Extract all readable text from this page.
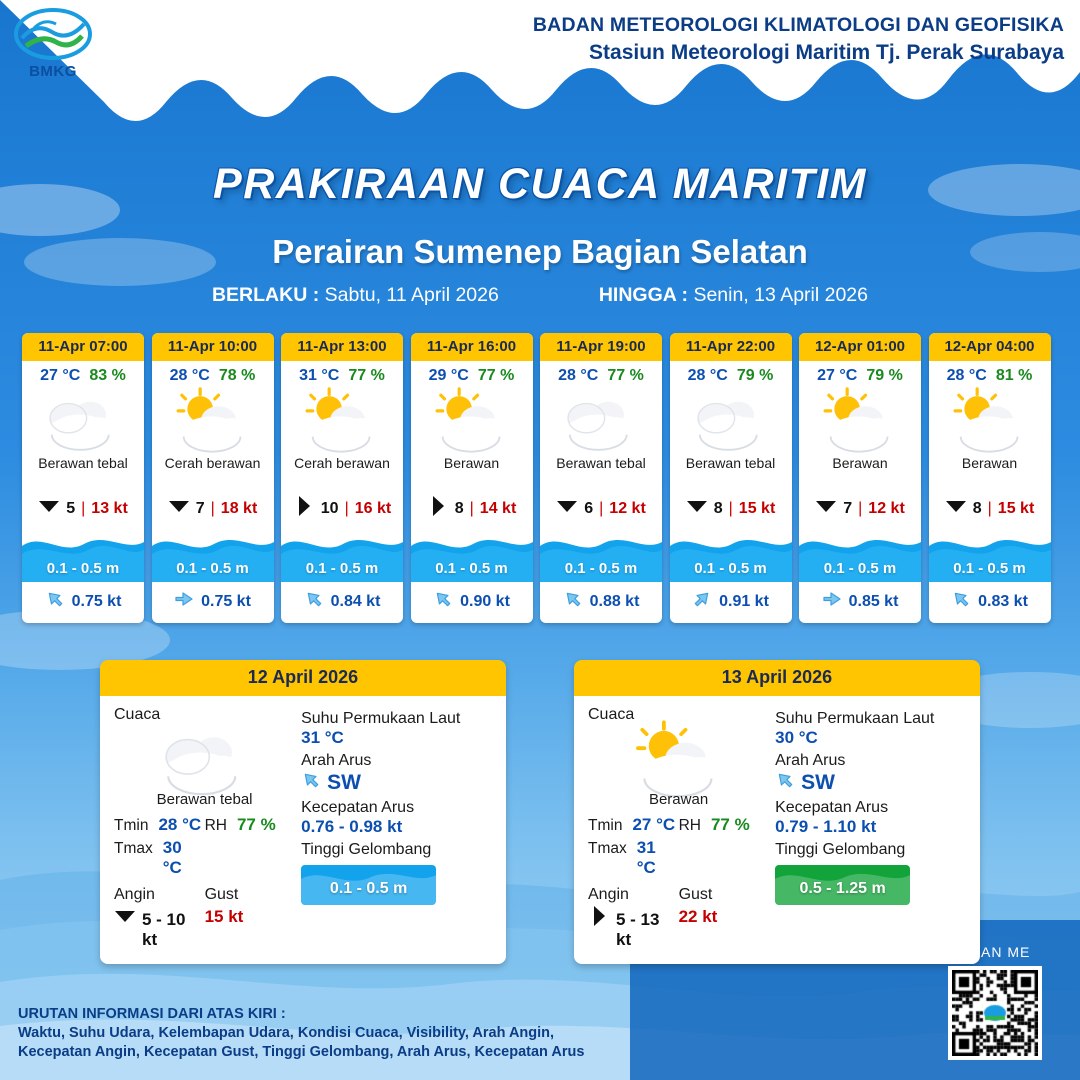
BMKG
BADAN METEOROLOGI KLIMATOLOGI DAN GEOFISIKA
Stasiun Meteorologi Maritim Tj. Perak Surabaya
PRAKIRAAN CUACA MARITIM
Perairan Sumenep Bagian Selatan
BERLAKU : Sabtu, 11 April 2026	HINGGA : Senin, 13 April 2026
11-Apr 07:00
27 °C 83 %
Berawan tebal
5 | 13 kt
0.1 - 0.5 m
0.75 kt
11-Apr 10:00
28 °C 78 %
Cerah berawan
7 | 18 kt
0.1 - 0.5 m
0.75 kt
11-Apr 13:00
31 °C 77 %
Cerah berawan
10 | 16 kt
0.1 - 0.5 m
0.84 kt
11-Apr 16:00
29 °C 77 %
Berawan
8 | 14 kt
0.1 - 0.5 m
0.90 kt
11-Apr 19:00
28 °C 77 %
Berawan tebal
6 | 12 kt
0.1 - 0.5 m
0.88 kt
11-Apr 22:00
28 °C 79 %
Berawan tebal
8 | 15 kt
0.1 - 0.5 m
0.91 kt
12-Apr 01:00
27 °C 79 %
Berawan
7 | 12 kt
0.1 - 0.5 m
0.85 kt
12-Apr 04:00
28 °C 81 %
Berawan
8 | 15 kt
0.1 - 0.5 m
0.83 kt
12 April 2026
Cuaca
Berawan tebal
Tmin 28 °C
Tmax 30 °C
RH 77 %
Angin
5 - 10 kt
Gust
15 kt
Suhu Permukaan Laut
31 °C
Arah Arus
SW
Kecepatan Arus
0.76 - 0.98 kt
Tinggi Gelombang
0.1 - 0.5 m
13 April 2026
Cuaca
Berawan
Tmin 27 °C
Tmax 31 °C
RH 77 %
Angin
5 - 13 kt
Gust
22 kt
Suhu Permukaan Laut
30 °C
Arah Arus
SW
Kecepatan Arus
0.79 - 1.10 kt
Tinggi Gelombang
0.5 - 1.25 m
URUTAN INFORMASI DARI ATAS KIRI :
Waktu, Suhu Udara, Kelembapan Udara, Kondisi Cuaca, Visibility, Arah Angin,
Kecepatan Angin, Kecepatan Gust, Tinggi Gelombang, Arah Arus, Kecepatan Arus
SCAN ME
